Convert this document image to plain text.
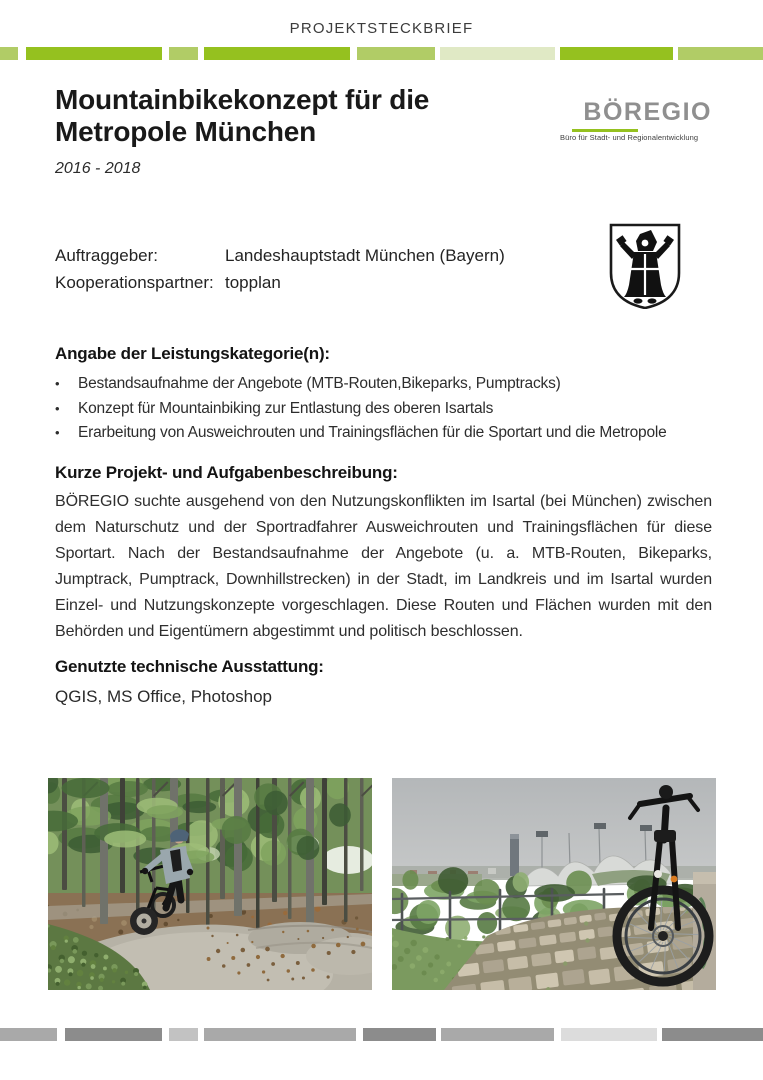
PROJEKTSTECKBRIEF
Mountainbikekonzept für die Metropole München
2016 - 2018
BÖREGIO
Büro für Stadt- und Regionalentwicklung
Auftraggeber:	Landeshauptstadt München (Bayern)
Kooperationspartner: topplan
Angabe der Leistungskategorie(n):
•	Bestandsaufnahme der Angebote (MTB-Routen,Bikeparks, Pumptracks)
•	Konzept für Mountainbiking zur Entlastung des oberen Isartals
•	Erarbeitung von Ausweichrouten und Trainingsflächen für die Sportart und die Metropole
Kurze Projekt- und Aufgabenbeschreibung:
BÖREGIO suchte ausgehend von den Nutzungskonflikten im Isartal (bei München) zwischen dem Naturschutz und der Sportradfahrer Ausweichrouten und Trainingsflächen für diese Sportart. Nach der Bestandsaufnahme der Angebote (u. a. MTB-Routen, Bikeparks, Jumptrack, Pumptrack, Downhillstrecken) in der Stadt, im Landkreis und im Isartal wurden Einzel- und Nutzungskonzepte vorgeschlagen. Diese Routen und Flächen wurden mit den Behörden und Eigentümern abgestimmt und politisch beschlossen.
Genutzte technische Ausstattung:
QGIS, MS Office, Photoshop
